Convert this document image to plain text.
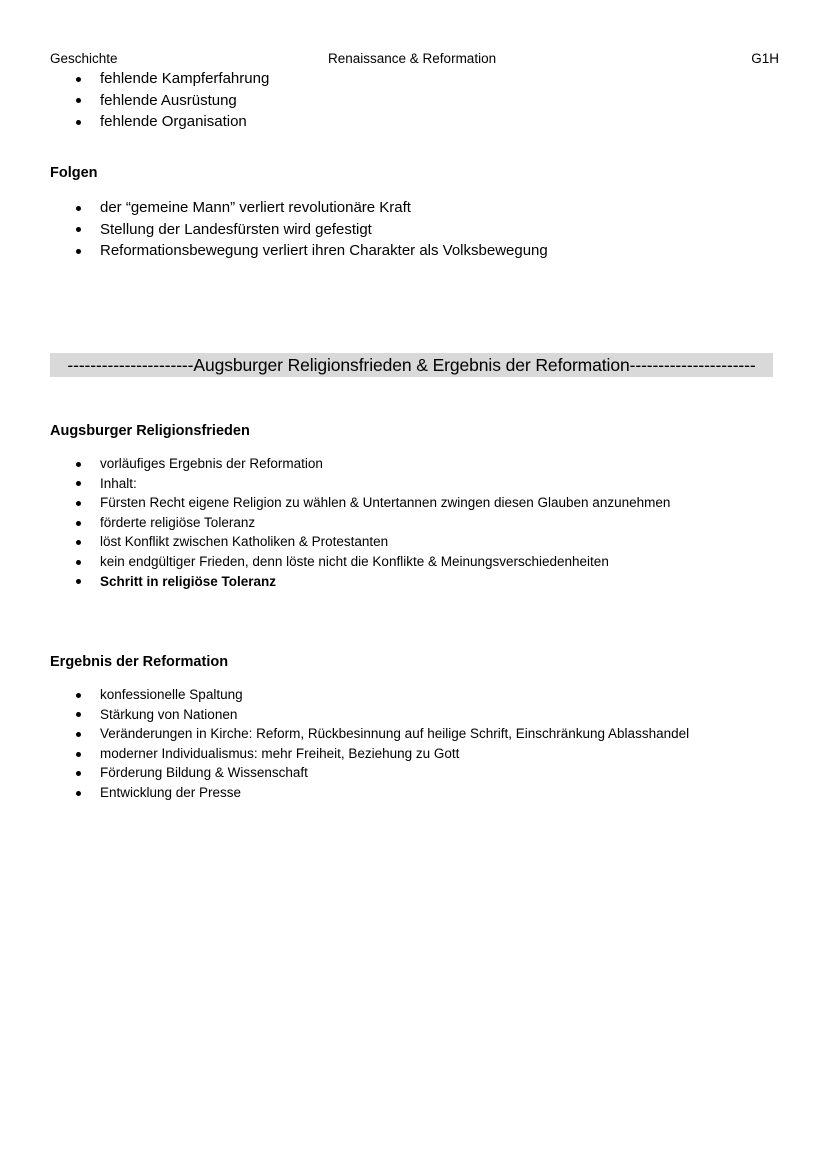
Geschichte	Renaissance & Reformation	G1H
fehlende Kampferfahrung
fehlende Ausrüstung
fehlende Organisation
Folgen
der “gemeine Mann” verliert revolutionäre Kraft
Stellung der Landesfürsten wird gefestigt
Reformationsbewegung verliert ihren Charakter als Volksbewegung
----------------------Augsburger Religionsfrieden & Ergebnis der Reformation----------------------
Augsburger Religionsfrieden
vorläufiges Ergebnis der Reformation
Inhalt:
Fürsten Recht eigene Religion zu wählen & Untertannen zwingen diesen Glauben anzunehmen
förderte religiöse Toleranz
löst Konflikt zwischen Katholiken & Protestanten
kein endgültiger Frieden, denn löste nicht die Konflikte & Meinungsverschiedenheiten
Schritt in religiöse Toleranz
Ergebnis der Reformation
konfessionelle Spaltung
Stärkung von Nationen
Veränderungen in Kirche: Reform, Rückbesinnung auf heilige Schrift, Einschränkung Ablasshandel
moderner Individualismus: mehr Freiheit, Beziehung zu Gott
Förderung Bildung & Wissenschaft
Entwicklung der Presse
